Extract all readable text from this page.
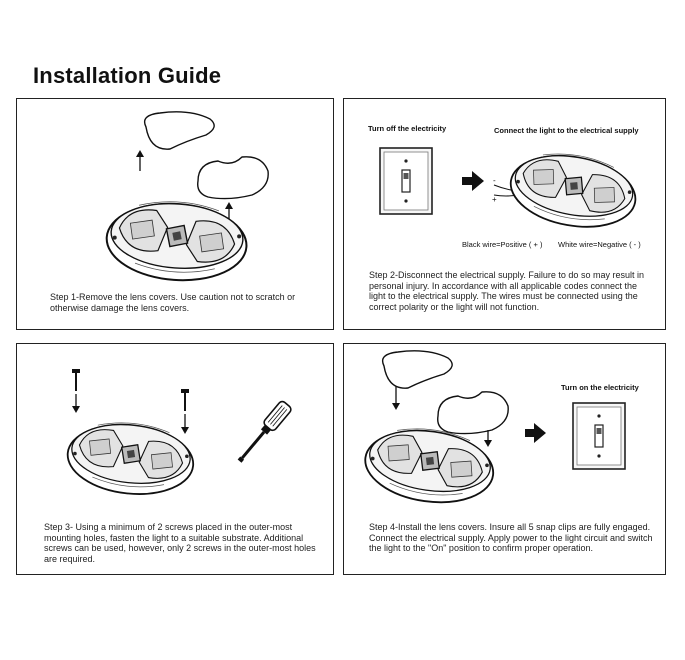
Installation Guide
Step 1-Remove the lens covers. Use caution not to scratch or otherwise damage the lens covers.
Turn off the electricity	Connect the light to the electrical supply
-
+
Black wire=Positive ( + ) White wire=Negative ( - )
Step 2-Disconnect the electrical supply. Failure to do so may result in personal injury. In accordance with all applicable codes connect the light to the electrical supply. The wires must be connected using the correct polarity or the light will not function.
Step 3- Using a minimum of 2 screws placed in the outer-most mounting holes, fasten the light to a suitable substrate. Additional screws can be used, however, only 2 screws in the outer-most holes are required.
Turn on the electricity
Step 4-Install the lens covers. Insure all 5 snap clips are fully engaged. Connect the electrical supply. Apply power to the light circuit and switch the light to the "On" position to confirm proper operation.
